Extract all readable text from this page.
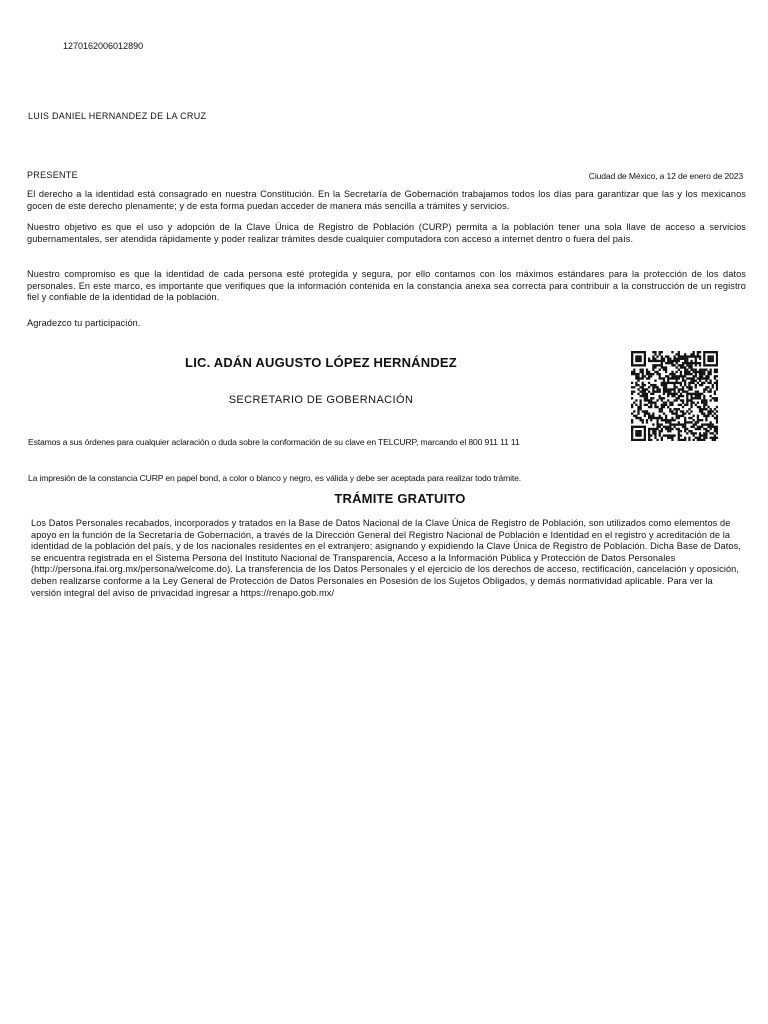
1270162006012890
LUIS DANIEL HERNANDEZ DE LA CRUZ
PRESENTE	Ciudad de México, a 12 de enero de 2023

El derecho a la identidad está consagrado en nuestra Constitución. En la Secretaría de Gobernación trabajamos todos los días para garantizar que las y los mexicanos gocen de este derecho plenamente; y de esta forma puedan acceder de manera más sencilla a trámites y servicios.

Nuestro objetivo es que el uso y adopción de la Clave Única de Registro de Población (CURP) permita a la población tener una sola llave de acceso a servicios gubernamentales, ser atendida rápidamente y poder realizar trámites desde cualquier computadora con acceso a internet dentro o fuera del país.

Nuestro compromiso es que la identidad de cada persona esté protegida y segura, por ello contamos con los máximos estándares para la protección de los datos personales. En este marco, es importante que verifiques que la información contenida en la constancia anexa sea correcta para contribuir a la construcción de un registro fiel y confiable de la identidad de la población.

Agradezco tu participación.
LIC. ADÁN AUGUSTO LÓPEZ HERNÁNDEZ
SECRETARIO DE GOBERNACIÓN
Estamos a sus órdenes para cualquier aclaración o duda sobre la conformación de su clave en TELCURP, marcando el 800 911 11 11
La impresión de la constancia CURP en papel bond, a color o blanco y negro, es válida y debe ser aceptada para realizar todo trámite.
TRÁMITE GRATUITO

Los Datos Personales recabados, incorporados y tratados en la Base de Datos Nacional de la Clave Única de Registro de Población, son utilizados como elementos de apoyo en la función de la Secretaría de Gobernación, a través de la Dirección General del Registro Nacional de Población e Identidad en el registro y acreditación de la identidad de la población del país, y de los nacionales residentes en el extranjero; asignando y expidiendo la Clave Única de Registro de Población. Dicha Base de Datos, se encuentra registrada en el Sistema Persona del Instituto Nacional de Transparencia, Acceso a la Información Pública y Protección de Datos Personales (http://persona.ifai.org.mx/persona/welcome.do). La transferencia de los Datos Personales y el ejercicio de los derechos de acceso, rectificación, cancelación y oposición, deben realizarse conforme a la Ley General de Protección de Datos Personales en Posesión de los Sujetos Obligados, y demás normatividad aplicable. Para ver la versión integral del aviso de privacidad ingresar a https://renapo.gob.mx/
